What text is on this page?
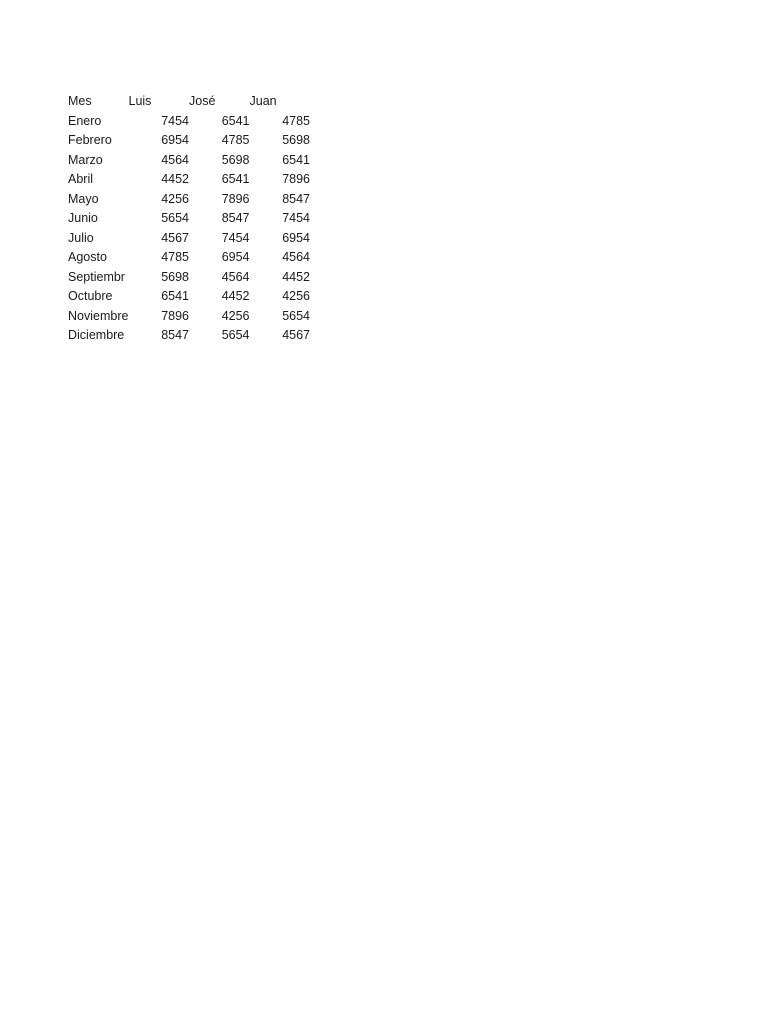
Mes	Luis	José	Juan
Enero	7454	6541	4785
Febrero	6954	4785	5698
Marzo	4564	5698	6541
Abril	4452	6541	7896
Mayo	4256	7896	8547
Junio	5654	8547	7454
Julio	4567	7454	6954
Agosto	4785	6954	4564
Septiembr	5698	4564	4452
Octubre	6541	4452	4256
Noviembre	7896	4256	5654
Diciembre	8547	5654	4567
